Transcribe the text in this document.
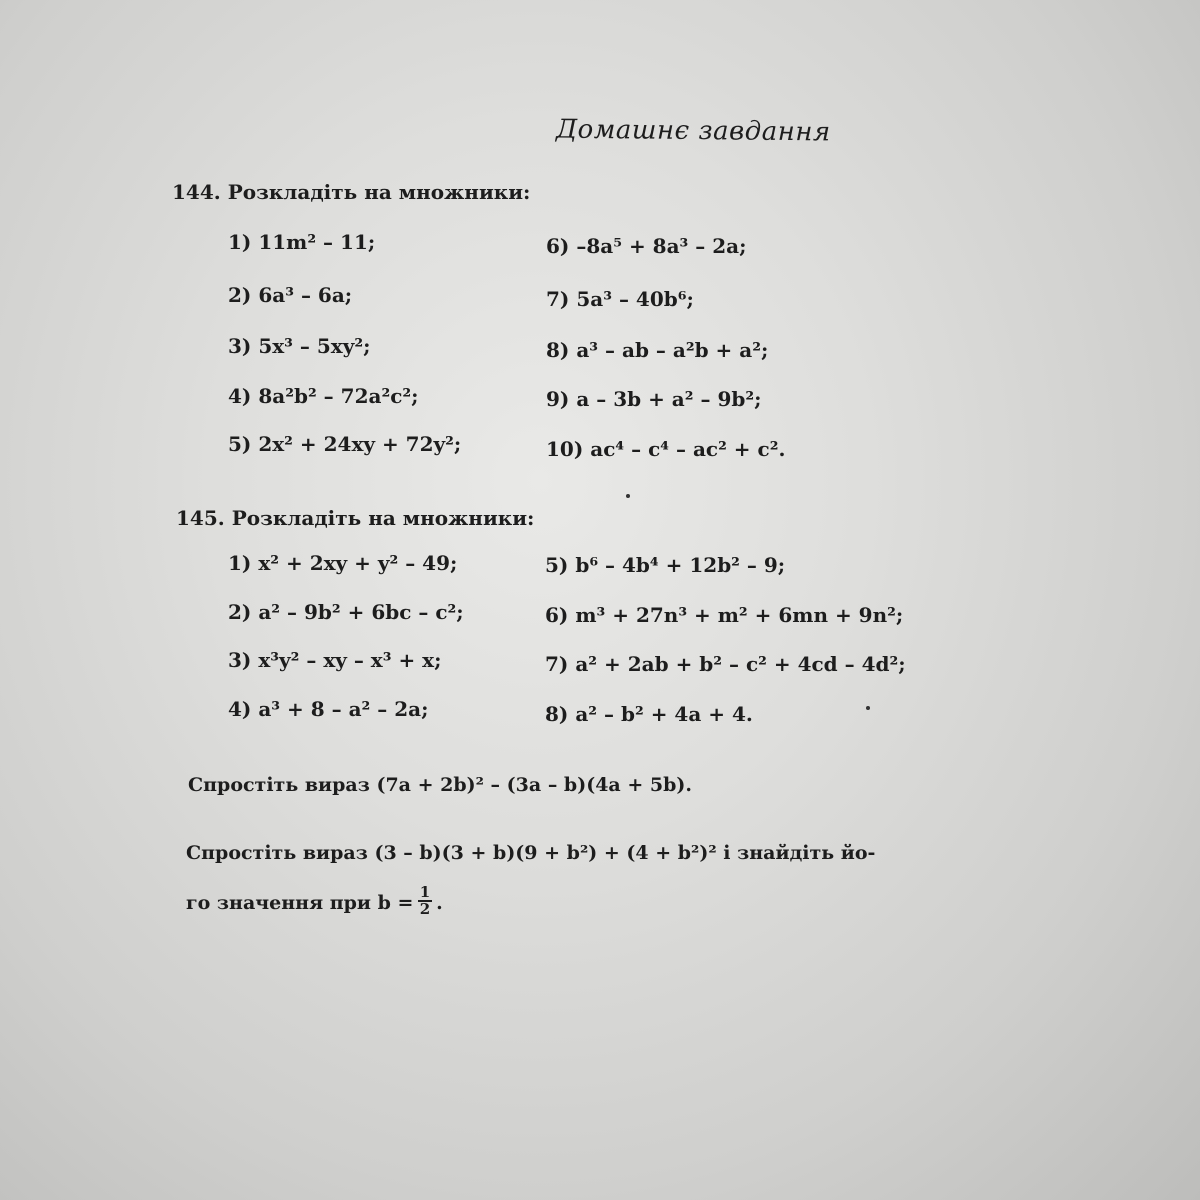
Домашнє завдання
144. Розкладіть на множники:
1) 11m² – 11;
2) 6a³ – 6a;
3) 5x³ – 5xy²;
4) 8a²b² – 72a²c²;
5) 2x² + 24xy + 72y²;
6) –8a⁵ + 8a³ – 2a;
7) 5a³ – 40b⁶;
8) a³ – ab – a²b + a²;
9) a – 3b + a² – 9b²;
10) ac⁴ – c⁴ – ac² + c².
145. Розкладіть на множники:
1) x² + 2xy + y² – 49;
2) a² – 9b² + 6bc – c²;
3) x³y² – xy – x³ + x;
4) a³ + 8 – a² – 2a;
5) b⁶ – 4b⁴ + 12b² – 9;
6) m³ + 27n³ + m² + 6mn + 9n²;
7) a² + 2ab + b² – c² + 4cd – 4d²;
8) a² – b² + 4a + 4.
Спростіть вираз (7a + 2b)² – (3a – b)(4a + 5b).
Спростіть вираз (3 – b)(3 + b)(9 + b²) + (4 + b²)² і знайдіть йо-
го значення при b = .
1
2
